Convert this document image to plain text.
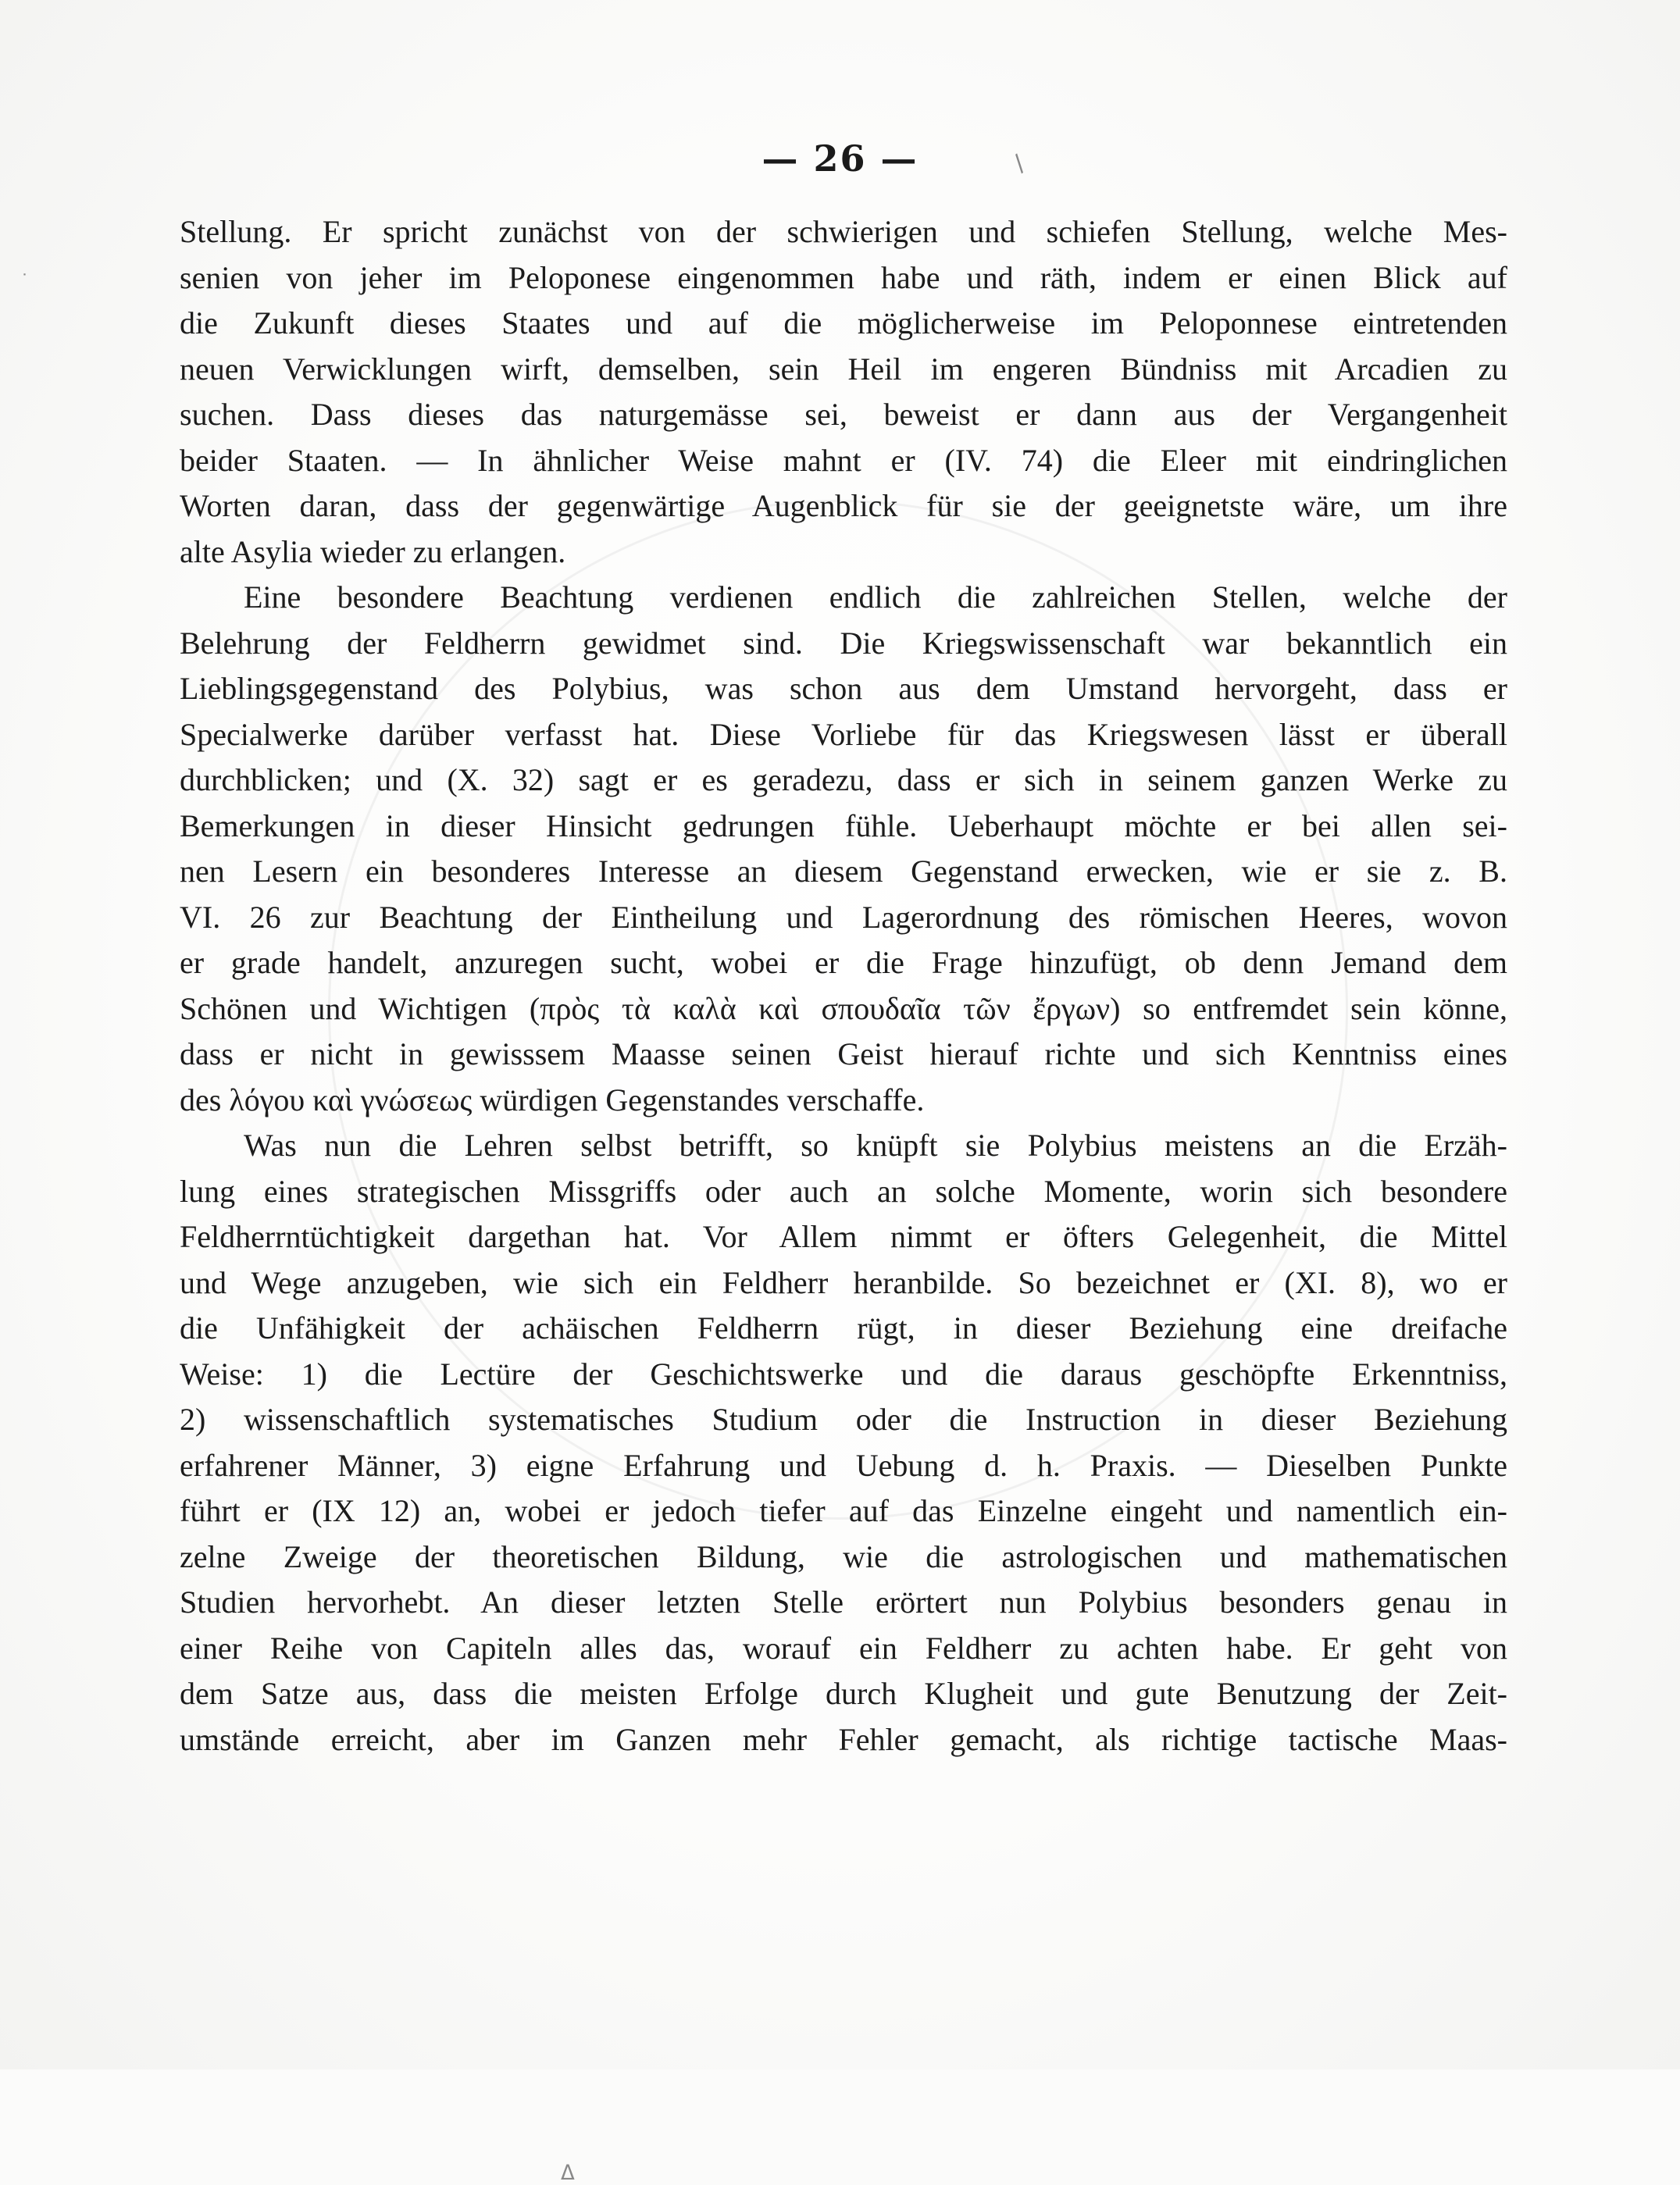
/
˙
ᐃ
— 26 —
Stellung. Er spricht zunächst von der schwierigen und schiefen Stellung, welche Mes-
senien von jeher im Peloponese eingenommen habe und räth, indem er einen Blick auf
die Zukunft dieses Staates und auf die möglicherweise im Peloponnese eintretenden
neuen Verwicklungen wirft, demselben, sein Heil im engeren Bündniss mit Arcadien zu
suchen. Dass dieses das naturgemässe sei, beweist er dann aus der Vergangenheit
beider Staaten. — In ähnlicher Weise mahnt er (IV. 74) die Eleer mit eindringlichen
Worten daran, dass der gegenwärtige Augenblick für sie der geeignetste wäre, um ihre
alte Asylia wieder zu erlangen.
Eine besondere Beachtung verdienen endlich die zahlreichen Stellen, welche der
Belehrung der Feldherrn gewidmet sind. Die Kriegswissenschaft war bekanntlich ein
Lieblingsgegenstand des Polybius, was schon aus dem Umstand hervorgeht, dass er
Specialwerke darüber verfasst hat. Diese Vorliebe für das Kriegswesen lässt er überall
durchblicken; und (X. 32) sagt er es geradezu, dass er sich in seinem ganzen Werke zu
Bemerkungen in dieser Hinsicht gedrungen fühle. Ueberhaupt möchte er bei allen sei-
nen Lesern ein besonderes Interesse an diesem Gegenstand erwecken, wie er sie z. B.
VI. 26 zur Beachtung der Eintheilung und Lagerordnung des römischen Heeres, wovon
er grade handelt, anzuregen sucht, wobei er die Frage hinzufügt, ob denn Jemand dem
Schönen und Wichtigen (πρὸς τὰ καλὰ καὶ σπουδαῖα τῶν ἔργων) so entfremdet sein könne,
dass er nicht in gewisssem Maasse seinen Geist hierauf richte und sich Kenntniss eines
des λόγου καὶ γνώσεως würdigen Gegenstandes verschaffe.
Was nun die Lehren selbst betrifft, so knüpft sie Polybius meistens an die Erzäh-
lung eines strategischen Missgriffs oder auch an solche Momente, worin sich besondere
Feldherrntüchtigkeit dargethan hat. Vor Allem nimmt er öfters Gelegenheit, die Mittel
und Wege anzugeben, wie sich ein Feldherr heranbilde. So bezeichnet er (XI. 8), wo er
die Unfähigkeit der achäischen Feldherrn rügt, in dieser Beziehung eine dreifache
Weise: 1) die Lectüre der Geschichtswerke und die daraus geschöpfte Erkenntniss,
2) wissenschaftlich systematisches Studium oder die Instruction in dieser Beziehung
erfahrener Männer, 3) eigne Erfahrung und Uebung d. h. Praxis. — Dieselben Punkte
führt er (IX 12) an, wobei er jedoch tiefer auf das Einzelne eingeht und namentlich ein-
zelne Zweige der theoretischen Bildung, wie die astrologischen und mathematischen
Studien hervorhebt. An dieser letzten Stelle erörtert nun Polybius besonders genau in
einer Reihe von Capiteln alles das, worauf ein Feldherr zu achten habe. Er geht von
dem Satze aus, dass die meisten Erfolge durch Klugheit und gute Benutzung der Zeit-
umstände erreicht, aber im Ganzen mehr Fehler gemacht, als richtige tactische Maas-
